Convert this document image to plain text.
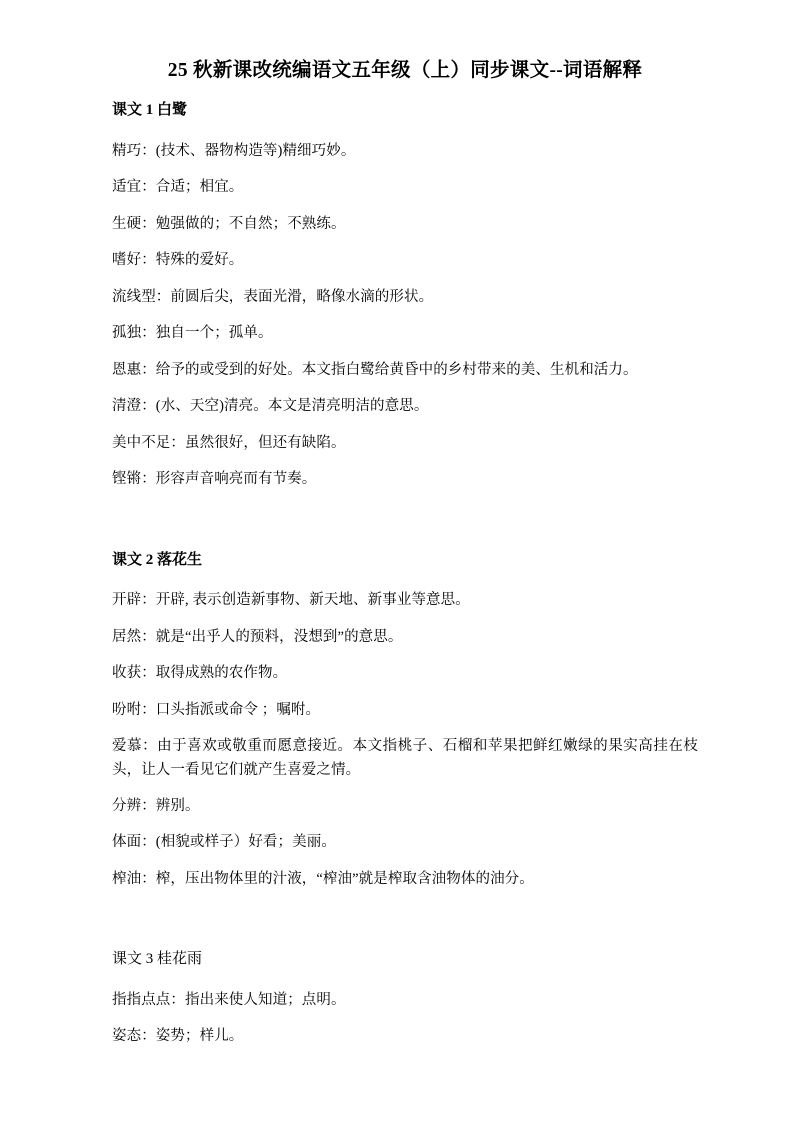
25 秋新课改统编语文五年级（上）同步课文--词语解释
课文 1 白鹭

精巧：(技术、器物构造等)精细巧妙。

适宜：合适；相宜。

生硬：勉强做的；不自然；不熟练。

嗜好：特殊的爱好。

流线型：前圆后尖，表面光滑，略像水滴的形状。

孤独：独自一个；孤单。

恩惠：给予的或受到的好处。本文指白鹭给黄昏中的乡村带来的美、生机和活力。

清澄：(水、天空)清亮。本文是清亮明洁的意思。

美中不足：虽然很好，但还有缺陷。

铿锵：形容声音响亮而有节奏。

课文 2 落花生

开辟：开辟, 表示创造新事物、新天地、新事业等意思。

居然：就是“出乎人的预料，没想到”的意思。

收获：取得成熟的农作物。

吩咐：口头指派或命令 ；嘱咐。

爱慕：由于喜欢或敬重而愿意接近。本文指桃子、石榴和苹果把鲜红嫩绿的果实高挂在枝头，让人一看见它们就产生喜爱之情。

分辨：辨别。

体面：(相貌或样子）好看；美丽。

榨油：榨，压出物体里的汁液，“榨油”就是榨取含油物体的油分。

课文 3 桂花雨

指指点点：指出来使人知道；点明。

姿态：姿势；样儿。
